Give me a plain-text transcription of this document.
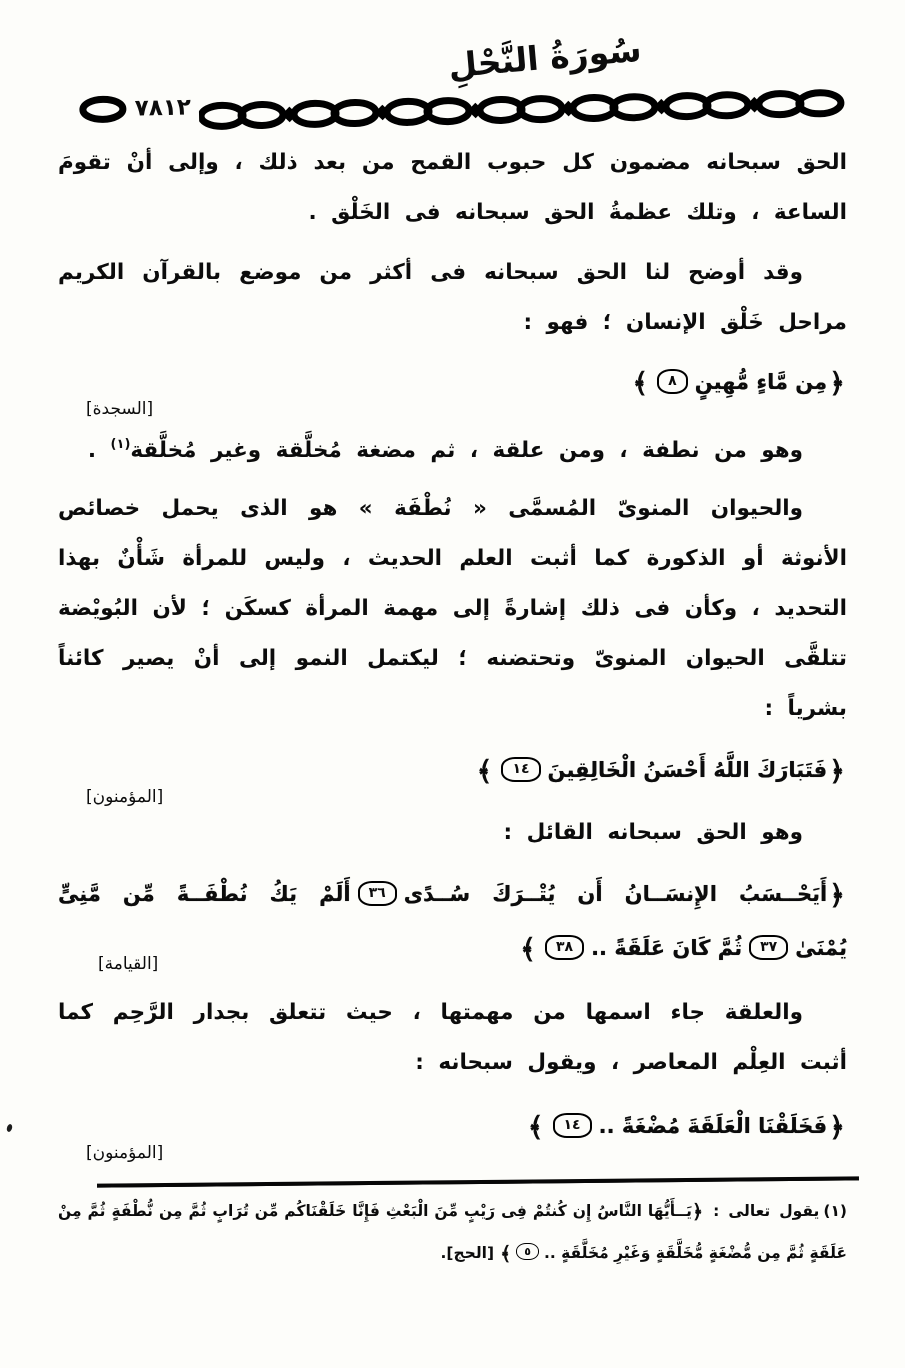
سُورَةُ النَّحْلِ
٧٨١٢

الحق سبحانه مضمون كل حبوب القمح من بعد ذلك ، وإلى أنْ تقومَ الساعة ، وتلك عظمةُ الحق سبحانه فى الخَلْق .

وقد أوضح لنا الحق سبحانه فى أكثر من موضع بالقرآن الكريم مراحل خَلْق الإنسان ؛ فهو :

﴿مِن مَّاءٍ مُّهِينٍ٨﴾
[السجدة]

وهو من نطفة ، ومن علقة ، ثم مضغة مُخلَّقة وغير مُخلَّقة$^{(١)}$ .

والحيوان المنوىّ المُسمَّى « نُطْفَة » هو الذى يحمل خصائص الأنوثة أو الذكورة كما أثبت العلم الحديث ، وليس للمرأة شَأْنٌ بهذا التحديد ، وكأن فى ذلك إشارةً إلى مهمة المرأة كسكَن ؛ لأن البُويْضة تتلقَّى الحيوان المنوىّ وتحتضنه ؛ ليكتمل النمو إلى أنْ يصير كائناً بشرياً :

﴿فَتَبَارَكَ اللَّهُ أَحْسَنُ الْخَالِقِينَ١٤﴾
[المؤمنون]

وهو الحق سبحانه القائل :

﴿أَيَحْــسَبُ الإِنسَــانُ أَن يُتْــرَكَ سُــدًى٣٦أَلَمْ يَكُ نُطْفَــةً مِّن مَّنِىٍّ
يُمْنَىٰ٣٧ثُمَّ كَانَ عَلَقَةً ..٣٨﴾
[القيامة]

والعلقة جاء اسمها من مهمتها ، حيث تتعلق بجدار الرَّحِم كما أثبت العِلْم المعاصر ، ويقول سبحانه :

﴿فَخَلَقْنَا الْعَلَقَةَ مُضْغَةً ..١٤﴾
[المؤمنون]
(١)يقول تعالى :﴿يَــأَيُّهَا النَّاسُ إِن كُنتُمْ فِى رَيْبٍ مِّنَ الْبَعْثِ فَإِنَّا خَلَقْنَاكُم مِّن تُرَابٍ ثُمَّ مِن نُّطْفَةٍ ثُمَّ مِنْ
عَلَقَةٍ ثُمَّ مِن مُّضْغَةٍ مُّخَلَّقَةٍ وَغَيْرِ مُخَلَّقَةٍ ..٥﴾[الحج].
